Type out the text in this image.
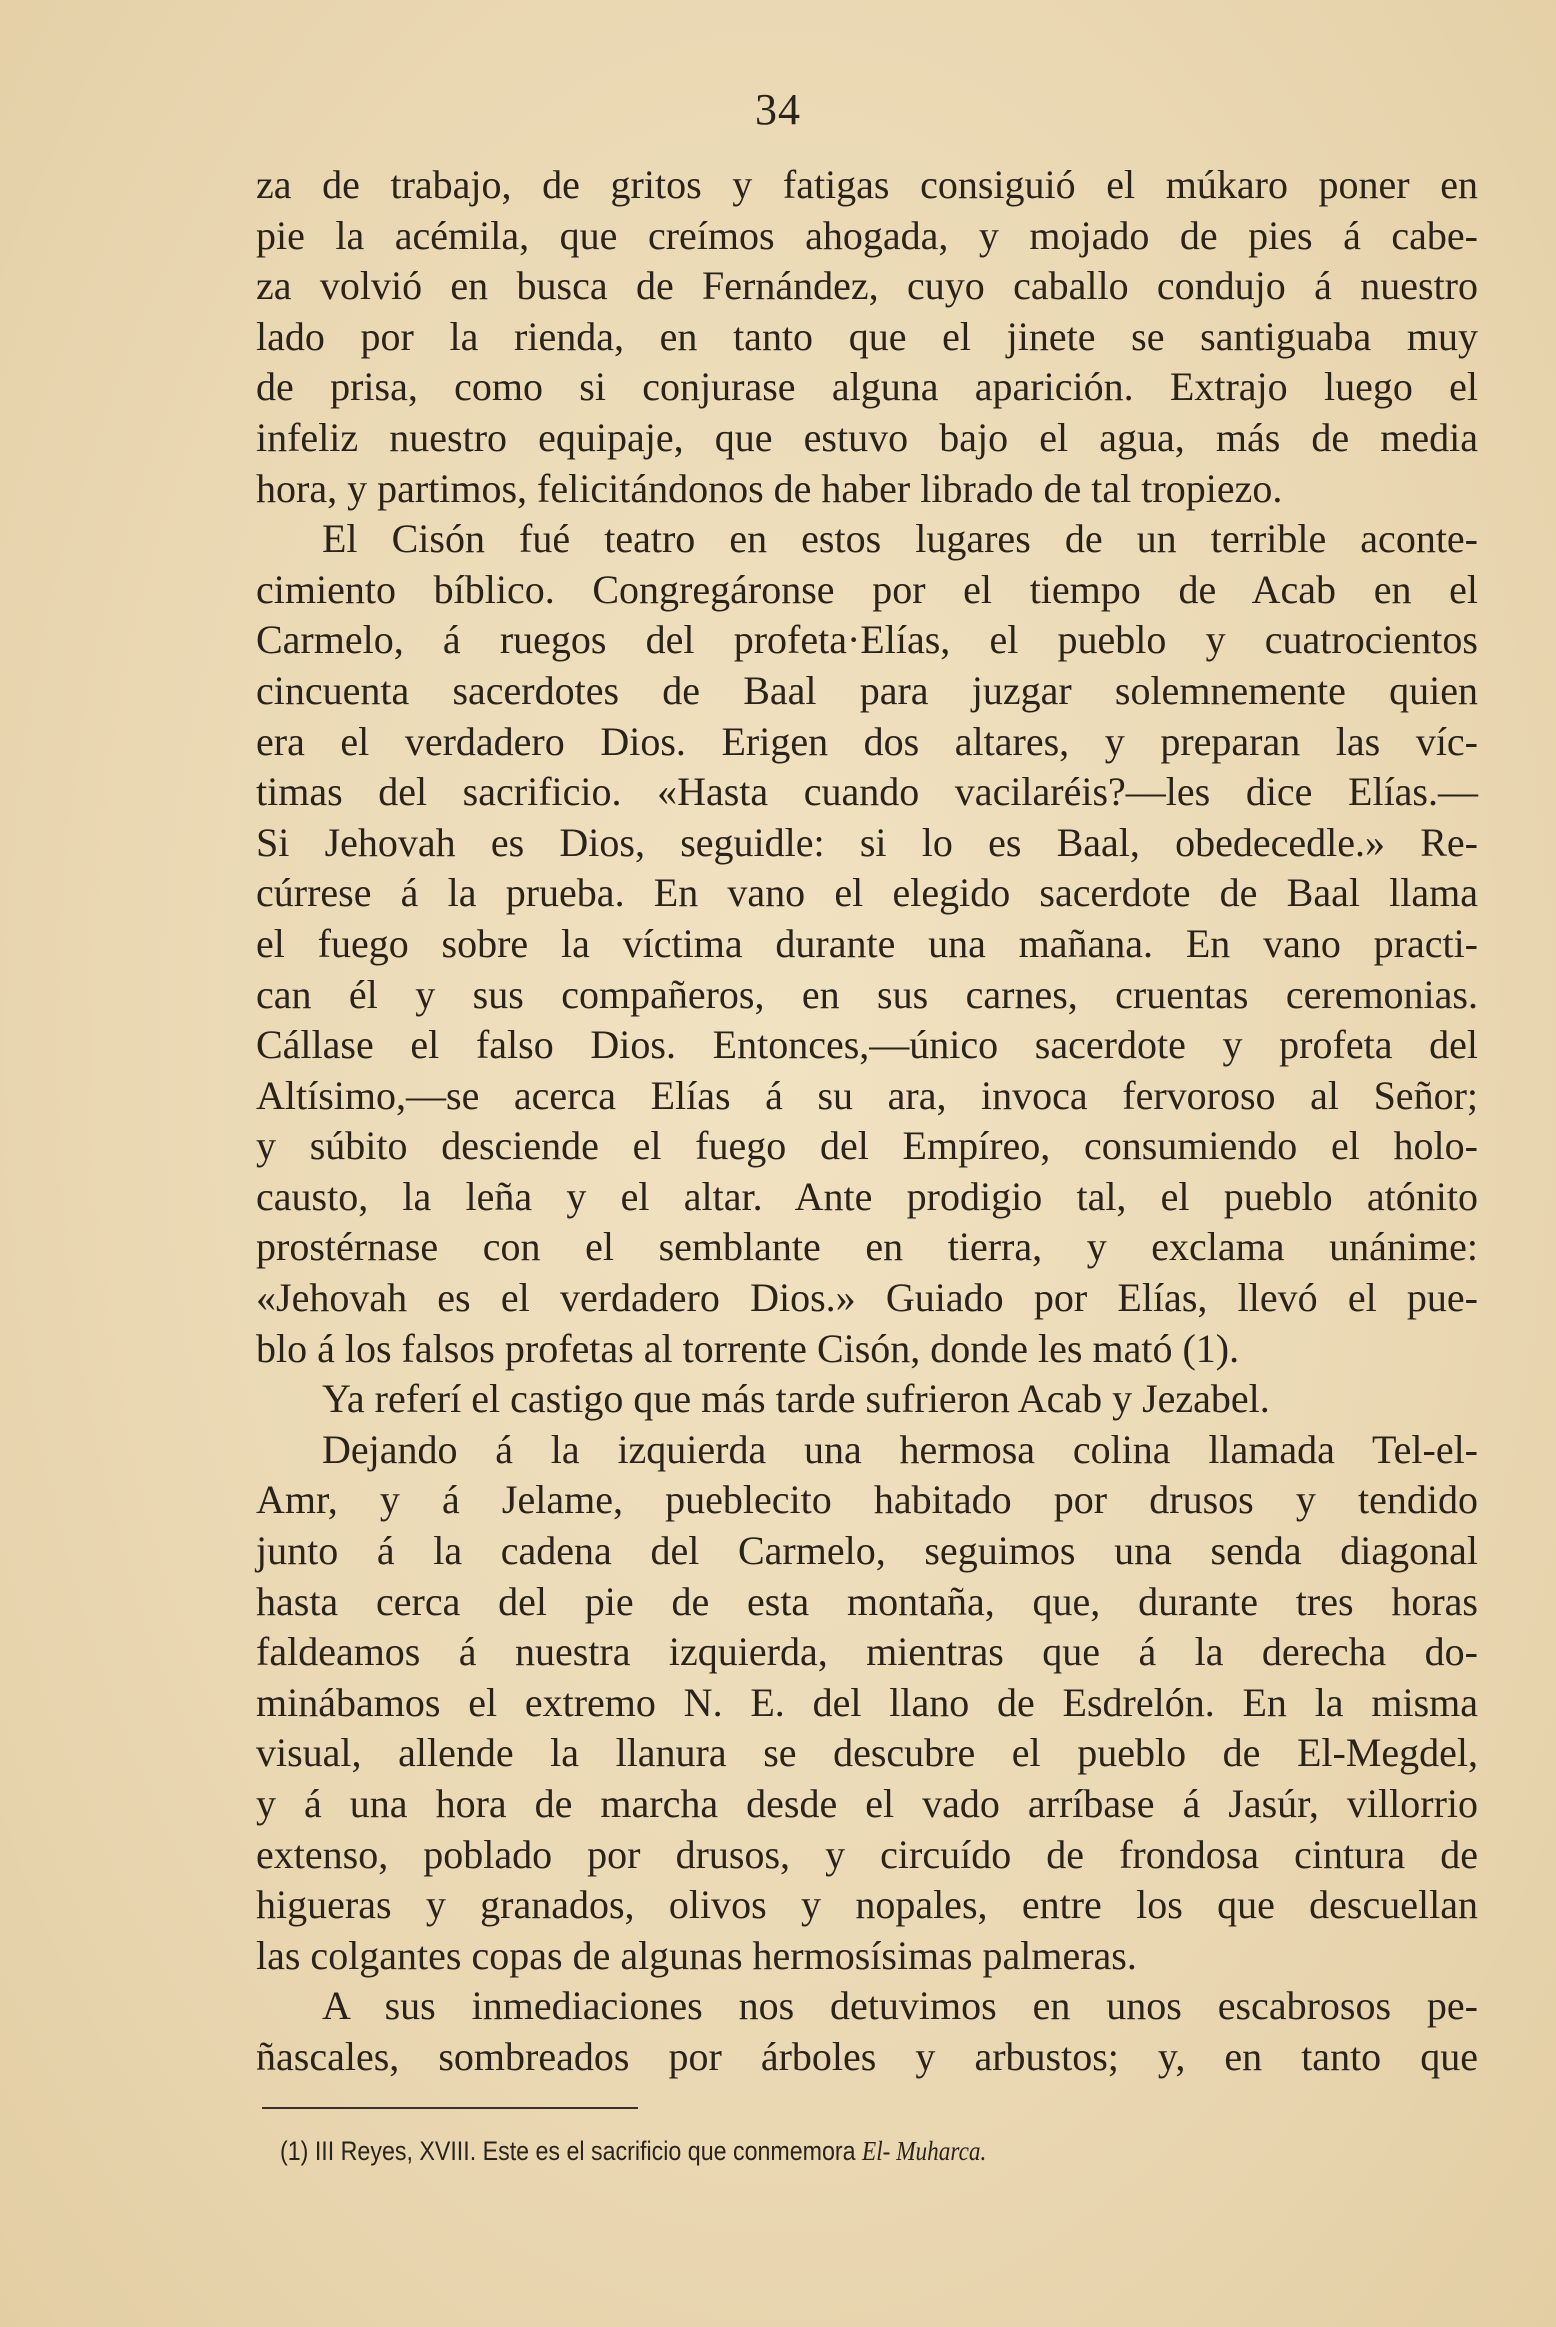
34
za de trabajo, de gritos y fatigas consiguió el múkaro poner en
pie la acémila, que creímos ahogada, y mojado de pies á cabe-
za volvió en busca de Fernández, cuyo caballo condujo á nuestro
lado por la rienda, en tanto que el jinete se santiguaba muy
de prisa, como si conjurase alguna aparición. Extrajo luego el
infeliz nuestro equipaje, que estuvo bajo el agua, más de media
hora, y partimos, felicitándonos de haber librado de tal tropiezo.
El Cisón fué teatro en estos lugares de un terrible aconte-
cimiento bíblico. Congregáronse por el tiempo de Acab en el
Carmelo, á ruegos del profeta·Elías, el pueblo y cuatrocientos
cincuenta sacerdotes de Baal para juzgar solemnemente quien
era el verdadero Dios. Erigen dos altares, y preparan las víc-
timas del sacrificio. «Hasta cuando vacilaréis?—les dice Elías.—
Si Jehovah es Dios, seguidle: si lo es Baal, obedecedle.» Re-
cúrrese á la prueba. En vano el elegido sacerdote de Baal llama
el fuego sobre la víctima durante una mañana. En vano practi-
can él y sus compañeros, en sus carnes, cruentas ceremonias.
Cállase el falso Dios. Entonces,—único sacerdote y profeta del
Altísimo,—se acerca Elías á su ara, invoca fervoroso al Señor;
y súbito desciende el fuego del Empíreo, consumiendo el holo-
causto, la leña y el altar. Ante prodigio tal, el pueblo atónito
prostérnase con el semblante en tierra, y exclama unánime:
«Jehovah es el verdadero Dios.» Guiado por Elías, llevó el pue-
blo á los falsos profetas al torrente Cisón, donde les mató (1).
Ya referí el castigo que más tarde sufrieron Acab y Jezabel.
Dejando á la izquierda una hermosa colina llamada Tel-el-
Amr, y á Jelame, pueblecito habitado por drusos y tendido
junto á la cadena del Carmelo, seguimos una senda diagonal
hasta cerca del pie de esta montaña, que, durante tres horas
faldeamos á nuestra izquierda, mientras que á la derecha do-
minábamos el extremo N. E. del llano de Esdrelón. En la misma
visual, allende la llanura se descubre el pueblo de El-Megdel,
y á una hora de marcha desde el vado arríbase á Jasúr, villorrio
extenso, poblado por drusos, y circuído de frondosa cintura de
higueras y granados, olivos y nopales, entre los que descuellan
las colgantes copas de algunas hermosísimas palmeras.
A sus inmediaciones nos detuvimos en unos escabrosos pe-
ñascales, sombreados por árboles y arbustos; y, en tanto que
(1) III Reyes, XVIII. Este es el sacrificio que conmemora El- Muharca.
